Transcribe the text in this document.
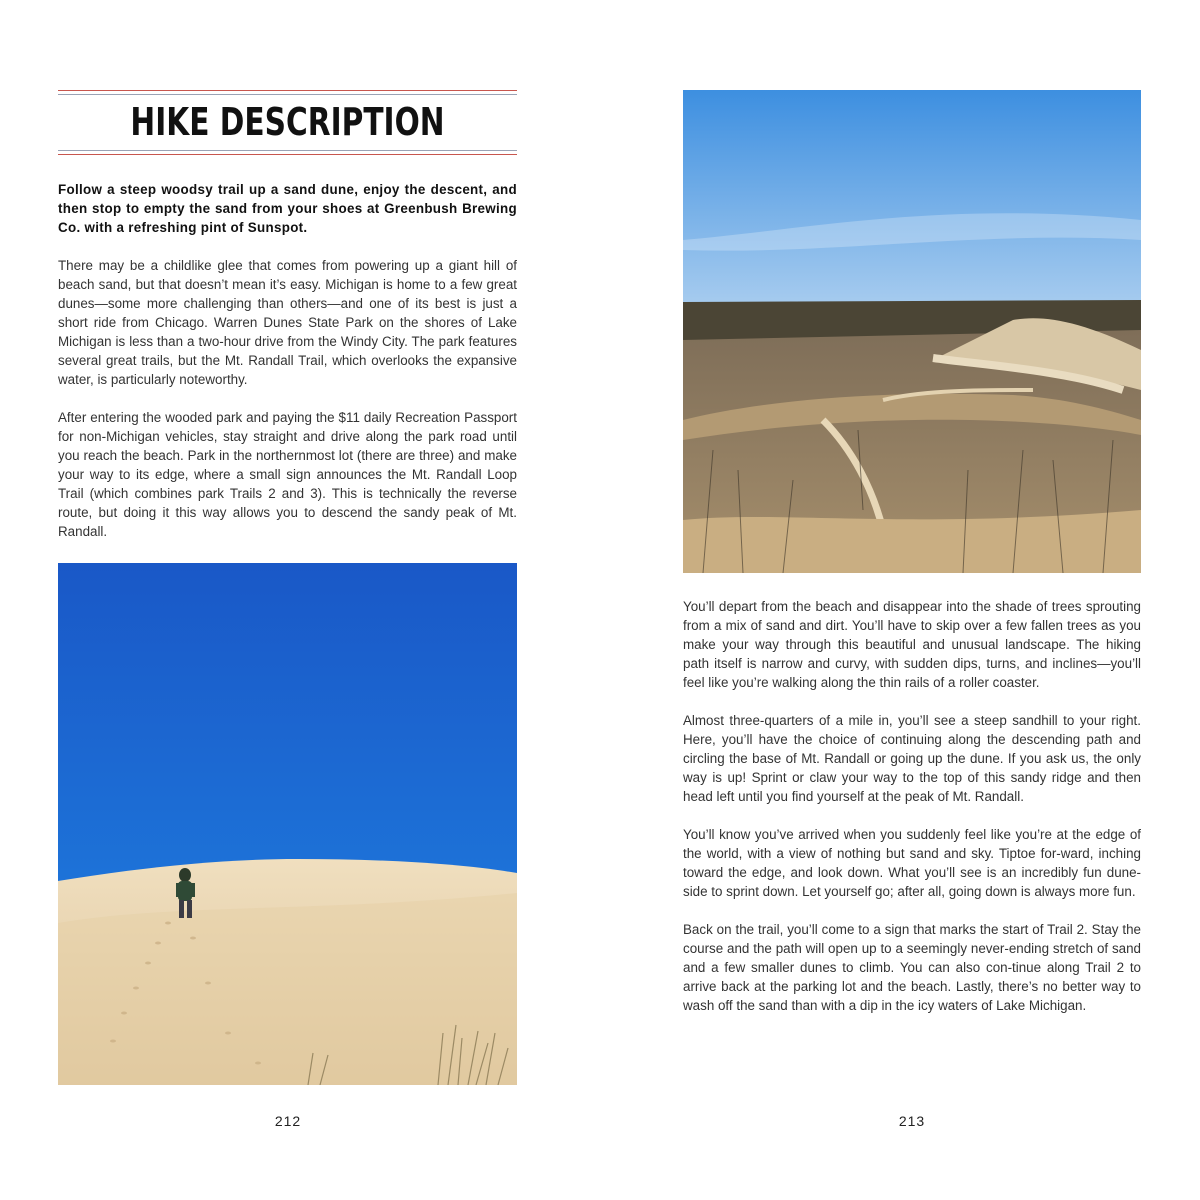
HIKE DESCRIPTION

Follow a steep woodsy trail up a sand dune, enjoy the descent, and then stop to empty the sand from your shoes at Greenbush Brewing Co. with a refreshing pint of Sunspot.

There may be a childlike glee that comes from powering up a giant hill of beach sand, but that doesn’t mean it’s easy. Michigan is home to a few great dunes—some more challenging than others—and one of its best is just a short ride from Chicago. Warren Dunes State Park on the shores of Lake Michigan is less than a two-hour drive from the Windy City. The park features several great trails, but the Mt. Randall Trail, which overlooks the expansive water, is particularly noteworthy.

After entering the wooded park and paying the $11 daily Recreation Passport for non-Michigan vehicles, stay straight and drive along the park road until you reach the beach. Park in the northernmost lot (there are three) and make your way to its edge, where a small sign announces the Mt. Randall Loop Trail (which combines park Trails 2 and 3). This is technically the reverse route, but doing it this way allows you to descend the sandy peak of Mt. Randall.

212

You’ll depart from the beach and disappear into the shade of trees sprouting from a mix of sand and dirt. You’ll have to skip over a few fallen trees as you make your way through this beautiful and unusual landscape. The hiking path itself is narrow and curvy, with sudden dips, turns, and inclines—you’ll feel like you’re walking along the thin rails of a roller coaster.

Almost three-quarters of a mile in, you’ll see a steep sandhill to your right. Here, you’ll have the choice of continuing along the descending path and circling the base of Mt. Randall or going up the dune. If you ask us, the only way is up! Sprint or claw your way to the top of this sandy ridge and then head left until you find yourself at the peak of Mt. Randall.

You’ll know you’ve arrived when you suddenly feel like you’re at the edge of the world, with a view of nothing but sand and sky. Tiptoe for-ward, inching toward the edge, and look down. What you’ll see is an incredibly fun dune-side to sprint down. Let yourself go; after all, going down is always more fun.

Back on the trail, you’ll come to a sign that marks the start of Trail 2. Stay the course and the path will open up to a seemingly never-ending stretch of sand and a few smaller dunes to climb. You can also con-tinue along Trail 2 to arrive back at the parking lot and the beach. Lastly, there’s no better way to wash off the sand than with a dip in the icy waters of Lake Michigan.

213
